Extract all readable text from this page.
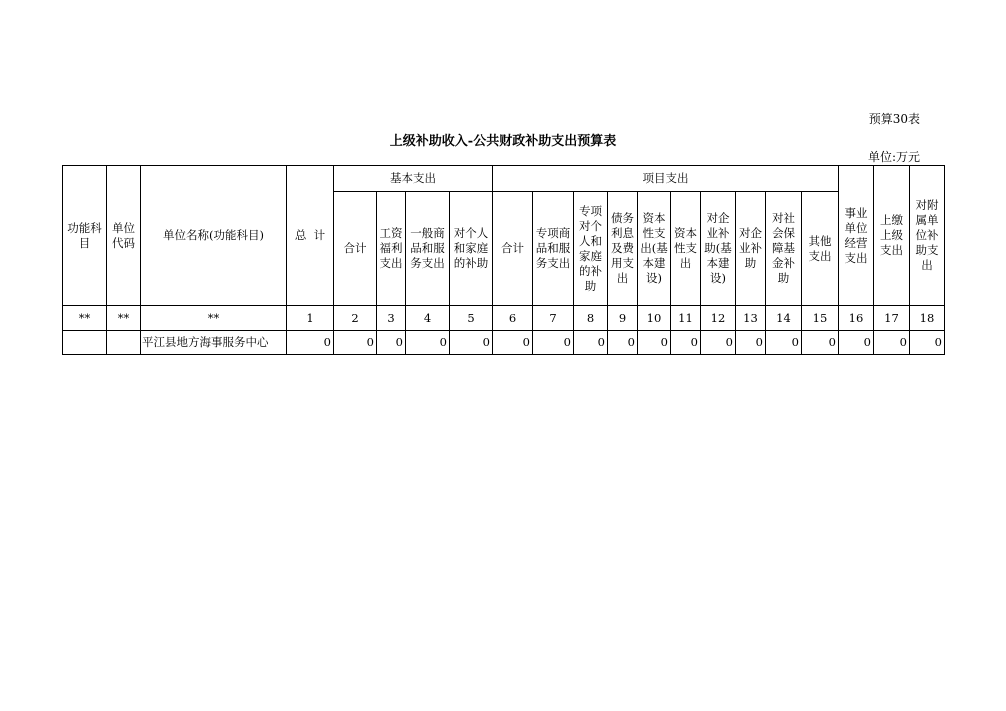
预算30表
上级补助收入-公共财政补助支出预算表
单位:万元
功能科目	单位代码	单位名称(功能科目)	总  计	基本支出				项目支出										事业单位经营支出	上缴上级支出	对附属单位补助支出
				合计	工资福利支出	一般商品和服务支出	对个人和家庭的补助	合计	专项商品和服务支出	专项对个人和家庭的补助	债务利息及费用支出	资本性支出(基本建设)	资本性支出	对企业补助(基本建设)	对企业补助	对社会保障基金补助	其他支出			
**	**	**	1	2	3	4	5	6	7	8	9	10	11	12	13	14	15	16	17	18
		平江县地方海事服务中心	0	0	0	0	0	0	0	0	0	0	0	0	0	0	0	0	0	0
